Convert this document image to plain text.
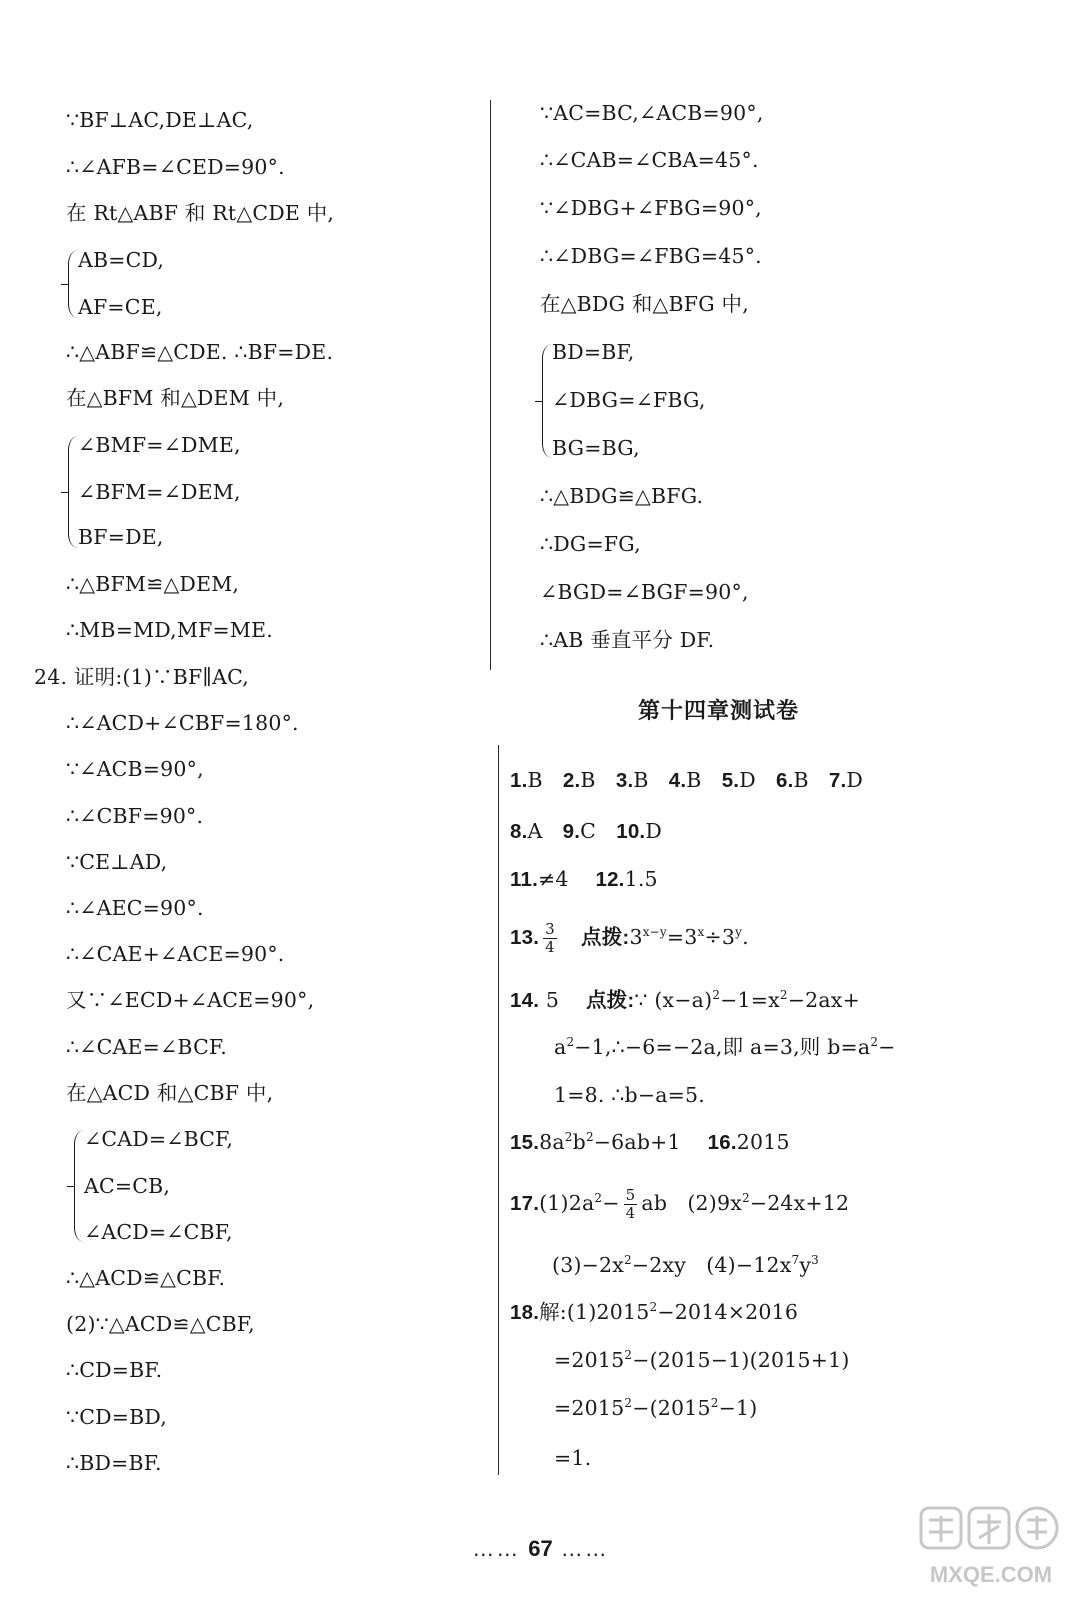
∵BF⊥AC,DE⊥AC,
∴∠AFB=∠CED=90°.
在 Rt△ABF 和 Rt△CDE 中,
AB=CD,
AF=CE,
∴△ABF≌△CDE. ∴BF=DE.
在△BFM 和△DEM 中,
∠BMF=∠DME,
∠BFM=∠DEM,
BF=DE,
∴△BFM≌△DEM,
∴MB=MD,MF=ME.
24. 证明:(1)∵BF∥AC,
∴∠ACD+∠CBF=180°.
∵∠ACB=90°,
∴∠CBF=90°.
∵CE⊥AD,
∴∠AEC=90°.
∴∠CAE+∠ACE=90°.
又∵∠ECD+∠ACE=90°,
∴∠CAE=∠BCF.
在△ACD 和△CBF 中,
∠CAD=∠BCF,
AC=CB,
∠ACD=∠CBF,
∴△ACD≌△CBF.
(2)∵△ACD≌△CBF,
∴CD=BF.
∵CD=BD,
∴BD=BF.
∵AC=BC,∠ACB=90°,
∴∠CAB=∠CBA=45°.
∵∠DBG+∠FBG=90°,
∴∠DBG=∠FBG=45°.
在△BDG 和△BFG 中,
BD=BF,
∠DBG=∠FBG,
BG=BG,
∴△BDG≌△BFG.
∴DG=FG,
∠BGD=∠BGF=90°,
∴AB 垂直平分 DF.
第十四章测试卷
1.B 2.B 3.B 4.B 5.D 6.B 7.D
8.A 9.C 10.D
11.≠4 12.1.5
13. $\frac{3}{4}$ 点拨$:3^{x-y}=3^x\div 3^y$.
14. 5 点拨:∵ $(x-a)^2-1=x^2-2ax+$
$a^2-1,\therefore-6=-2a$,即 a=3,则 $b=a^2-$
1=8. ∴b−a=5.
$15.8a^2b^2-6ab+1$ 16.2015
$17.(1)2a^2- \frac{5}{4}$ ab $(2)9x^2-24x+12$
$(3)-2x^2-2xy$ $(4)-12x^7y^3$
18.解$:(1)2015^2-2014\times 2016$
$=2015^2-(2015-1)(2015+1)$
$=2015^2-(2015^2-1)$
=1.
…… 67 ……
MXQE.COM
